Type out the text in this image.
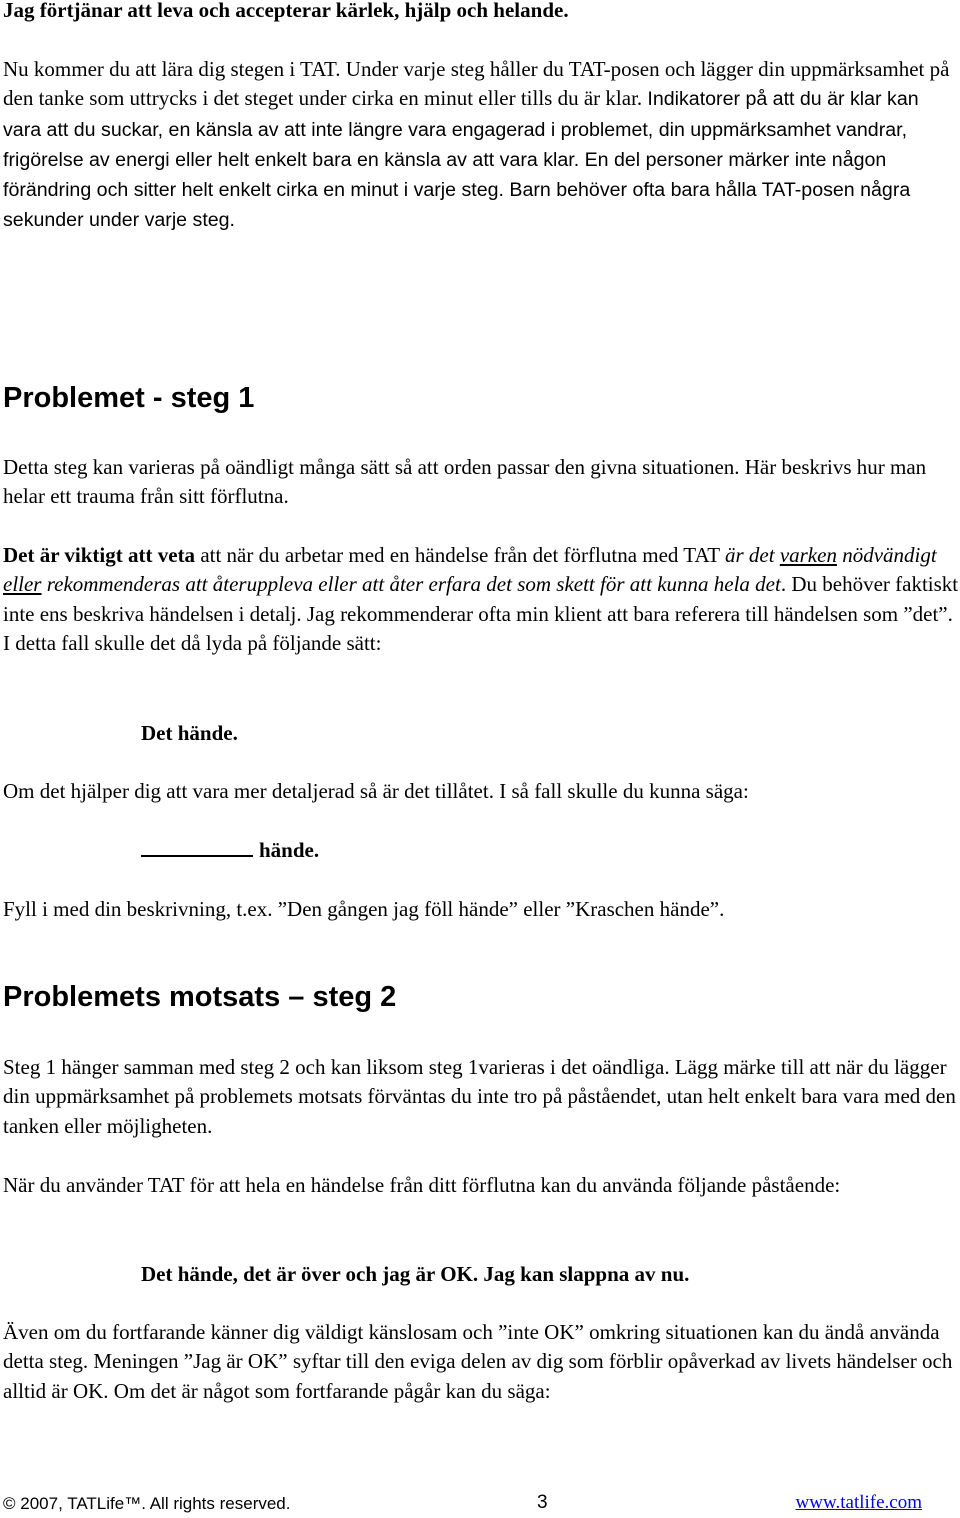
Jag förtjänar att leva och accepterar kärlek, hjälp och helande.

Nu kommer du att lära dig stegen i TAT. Under varje steg håller du TAT-posen och lägger din uppmärksamhet på den tanke som uttrycks i det steget under cirka en minut eller tills du är klar. Indikatorer på att du är klar kan vara att du suckar, en känsla av att inte längre vara engagerad i problemet, din uppmärksamhet vandrar, frigörelse av energi eller helt enkelt bara en känsla av att vara klar. En del personer märker inte någon förändring och sitter helt enkelt cirka en minut i varje steg. Barn behöver ofta bara hålla TAT-posen några sekunder under varje steg.

Problemet - steg 1

Detta steg kan varieras på oändligt många sätt så att orden passar den givna situationen. Här beskrivs hur man helar ett trauma från sitt förflutna.

Det är viktigt att veta att när du arbetar med en händelse från det förflutna med TAT är det varken nödvändigt eller rekommenderas att återuppleva eller att åter erfara det som skett för att kunna hela det. Du behöver faktiskt inte ens beskriva händelsen i detalj. Jag rekommenderar ofta min klient att bara referera till händelsen som ”det”. I detta fall skulle det då lyda på följande sätt:

Det hände.

Om det hjälper dig att vara mer detaljerad så är det tillåtet. I så fall skulle du kunna säga:

hände.

Fyll i med din beskrivning, t.ex. ”Den gången jag föll hände” eller ”Kraschen hände”.

Problemets motsats – steg 2

Steg 1 hänger samman med steg 2 och kan liksom steg 1varieras i det oändliga. Lägg märke till att när du lägger din uppmärksamhet på problemets motsats förväntas du inte tro på påståendet, utan helt enkelt bara vara med den tanken eller möjligheten.

När du använder TAT för att hela en händelse från ditt förflutna kan du använda följande påstående:

Det hände, det är över och jag är OK. Jag kan slappna av nu.

Även om du fortfarande känner dig väldigt känslosam och ”inte OK” omkring situationen kan du ändå använda detta steg. Meningen ”Jag är OK” syftar till den eviga delen av dig som förblir opåverkad av livets händelser och alltid är OK. Om det är något som fortfarande pågår kan du säga:

© 2007, TATLife™. All rights reserved.	3	www.tatlife.com
